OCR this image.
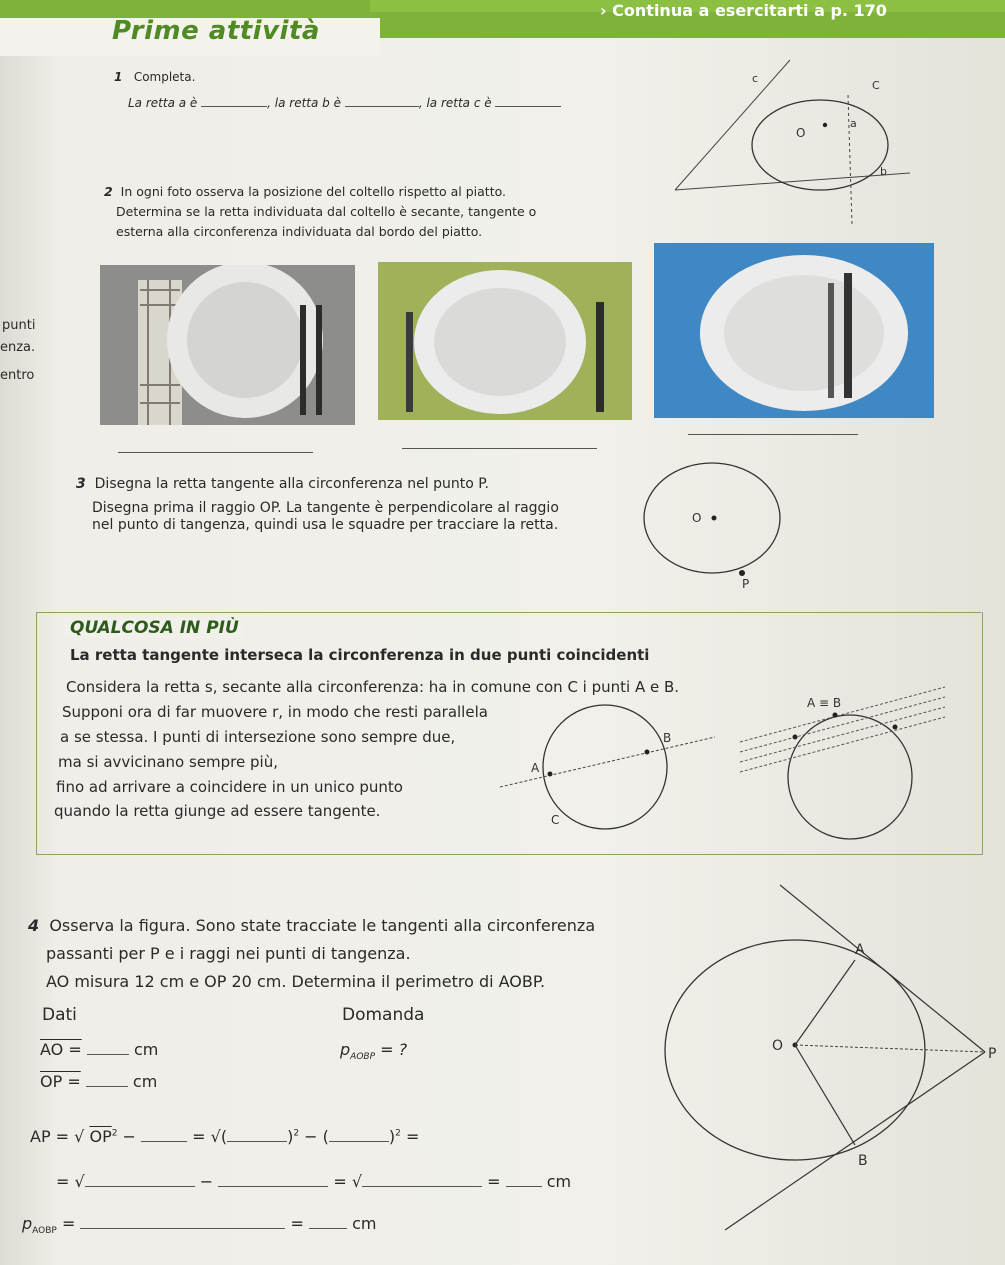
Prime attività
› Continua a esercitarti a p. 170
punti
enza.
entro
1 Completa.
La retta a è	, la retta b è	, la retta c è
c
C
O
a
b
2 In ogni foto osserva la posizione del coltello rispetto al piatto.
Determina se la retta individuata dal coltello è secante, tangente o
esterna alla circonferenza individuata dal bordo del piatto.
3 Disegna la retta tangente alla circonferenza nel punto P.
Disegna prima il raggio OP. La tangente è perpendicolare al raggio
nel punto di tangenza, quindi usa le squadre per tracciare la retta.	O
P
QUALCOSA IN PIÙ
La retta tangente interseca la circonferenza in due punti coincidenti
Considera la retta s, secante alla circonferenza: ha in comune con C i punti A e B.
Supponi ora di far muovere r, in modo che resti parallela
a se stessa. I punti di intersezione sono sempre due,
ma si avvicinano sempre più,
fino ad arrivare a coincidere in un unico punto
quando la retta giunge ad essere tangente.
A
B
C
A ≡ B
4 Osserva la figura. Sono state tracciate le tangenti alla circonferenza
passanti per P e i raggi nei punti di tangenza.
AO misura 12 cm e OP 20 cm. Determina il perimetro di AOBP.
Dati	Domanda
AO =	cm	$p_{AOBP}$ = ?
OP =	cm
AP = √ $OP^2$ −	= √(	)$^2$ − (	)$^2$ =
= √	−	= √	=	cm
$p_{AOBP}$ =	=	cm
A
O	P
B
